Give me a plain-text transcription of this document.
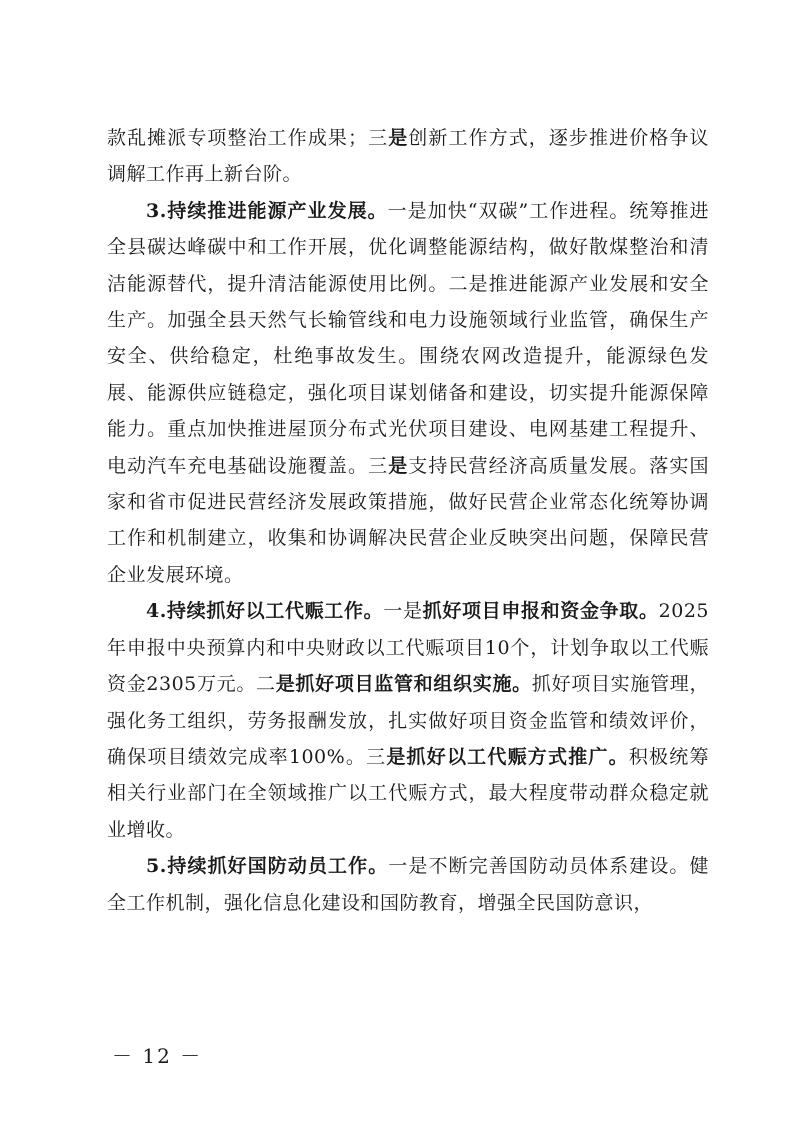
款乱摊派专项整治工作成果；三是创新工作方式，逐步推进价格争议调解工作再上新台阶。

3.持续推进能源产业发展。一是加快“双碳”工作进程。统筹推进全县碳达峰碳中和工作开展，优化调整能源结构，做好散煤整治和清洁能源替代，提升清洁能源使用比例。二是推进能源产业发展和安全生产。加强全县天然气长输管线和电力设施领域行业监管，确保生产安全、供给稳定，杜绝事故发生。围绕农网改造提升，能源绿色发展、能源供应链稳定，强化项目谋划储备和建设，切实提升能源保障能力。重点加快推进屋顶分布式光伏项目建设、电网基建工程提升、电动汽车充电基础设施覆盖。三是支持民营经济高质量发展。落实国家和省市促进民营经济发展政策措施，做好民营企业常态化统筹协调工作和机制建立，收集和协调解决民营企业反映突出问题，保障民营企业发展环境。

4.持续抓好以工代赈工作。一是抓好项目申报和资金争取。2025年申报中央预算内和中央财政以工代赈项目10个，计划争取以工代赈资金2305万元。二是抓好项目监管和组织实施。抓好项目实施管理，强化务工组织，劳务报酬发放，扎实做好项目资金监管和绩效评价，确保项目绩效完成率100%。三是抓好以工代赈方式推广。积极统筹相关行业部门在全领域推广以工代赈方式，最大程度带动群众稳定就业增收。

5.持续抓好国防动员工作。一是不断完善国防动员体系建设。健全工作机制，强化信息化建设和国防教育，增强全民国防意识，

－ 12 －
